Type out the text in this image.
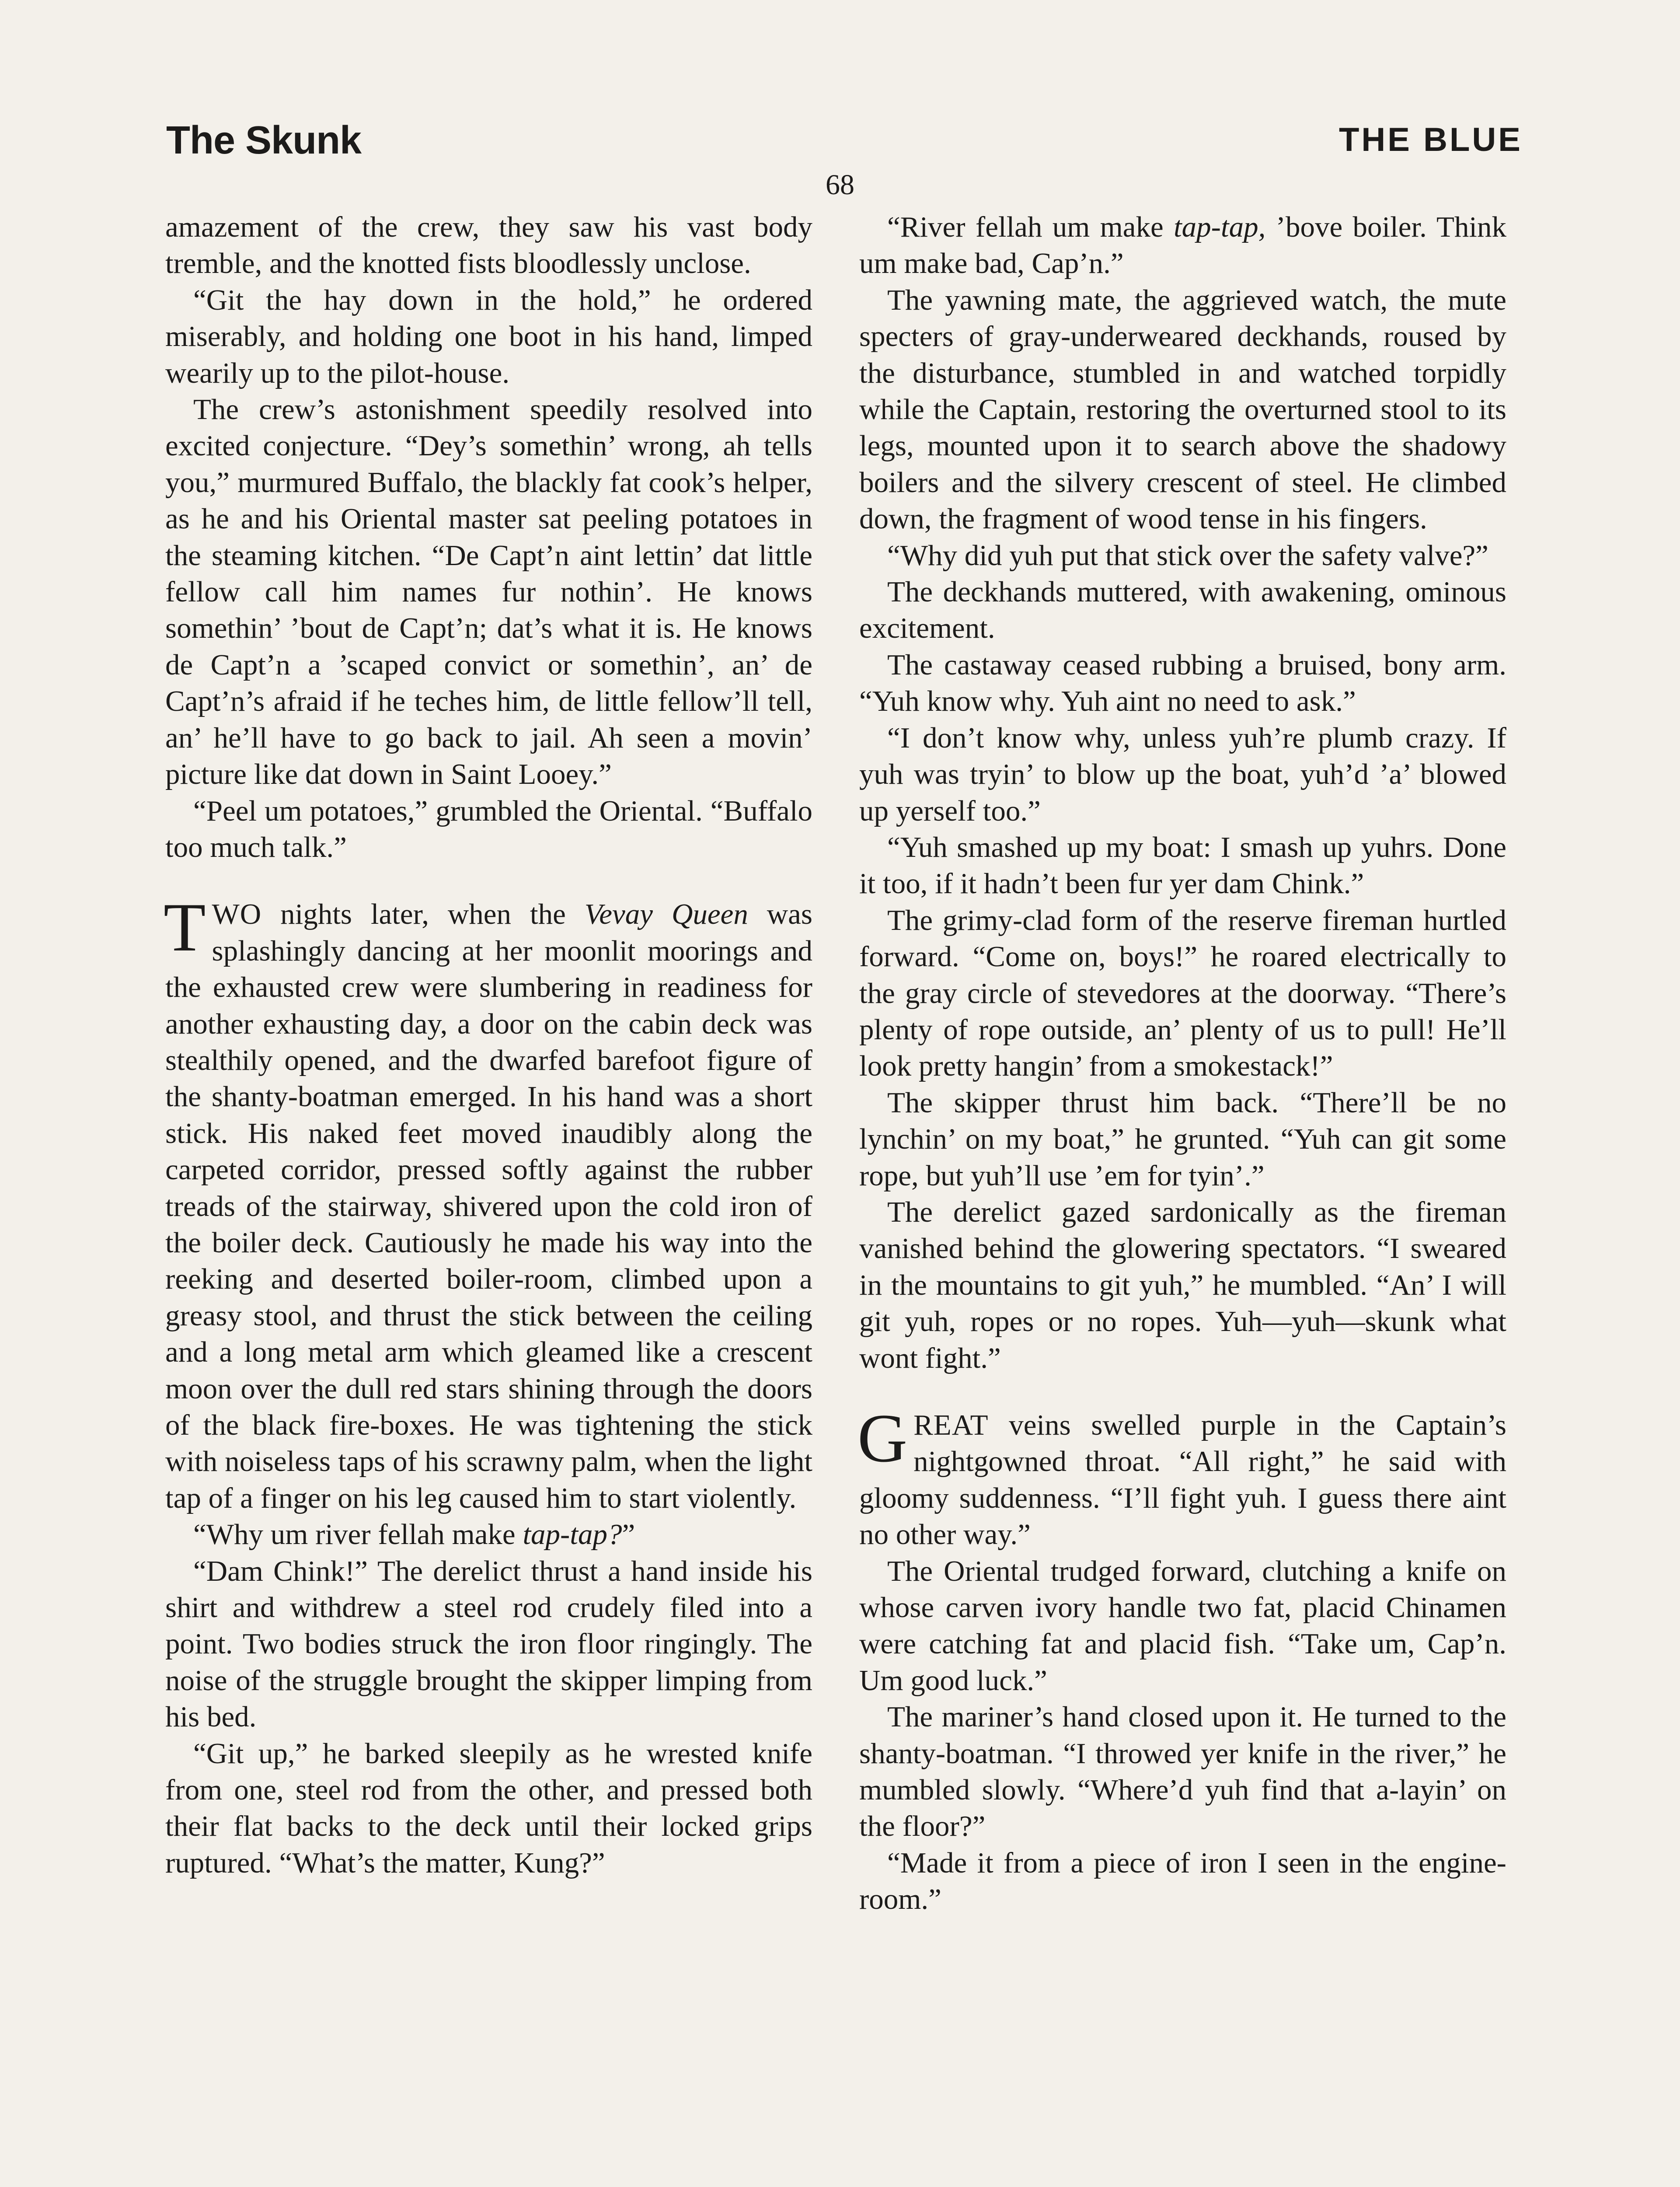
The Skunk	THE BLUE
68

amazement of the crew, they saw his vast body tremble, and the knotted fists bloodlessly unclose.

“Git the hay down in the hold,” he ordered miserably, and holding one boot in his hand, limped wearily up to the pilot-house.

The crew’s astonishment speedily resolved into excited conjecture. “Dey’s somethin’ wrong, ah tells you,” murmured Buffalo, the blackly fat cook’s helper, as he and his Oriental master sat peeling potatoes in the steaming kitchen. “De Capt’n aint lettin’ dat little fellow call him names fur nothin’. He knows somethin’ ’bout de Capt’n; dat’s what it is. He knows de Capt’n a ’scaped convict or somethin’, an’ de Capt’n’s afraid if he teches him, de little fellow’ll tell, an’ he’ll have to go back to jail. Ah seen a movin’ picture like dat down in Saint Looey.”

“Peel um potatoes,” grumbled the Oriental. “Buffalo too much talk.”

TWO nights later, when the Vevay Queen was splashingly dancing at her moonlit moorings and the exhausted crew were slumbering in readiness for another exhausting day, a door on the cabin deck was stealthily opened, and the dwarfed barefoot figure of the shanty-boatman emerged. In his hand was a short stick. His naked feet moved inaudibly along the carpeted corridor, pressed softly against the rubber treads of the stairway, shivered upon the cold iron of the boiler deck. Cautiously he made his way into the reeking and deserted boiler-room, climbed upon a greasy stool, and thrust the stick between the ceiling and a long metal arm which gleamed like a crescent moon over the dull red stars shining through the doors of the black fire-boxes. He was tightening the stick with noiseless taps of his scrawny palm, when the light tap of a finger on his leg caused him to start violently.

“Why um river fellah make tap-tap?”

“Dam Chink!” The derelict thrust a hand inside his shirt and withdrew a steel rod crudely filed into a point. Two bodies struck the iron floor ringingly. The noise of the struggle brought the skipper limping from his bed.

“Git up,” he barked sleepily as he wrested knife from one, steel rod from the other, and pressed both their flat backs to the deck until their locked grips ruptured. “What’s the matter, Kung?”

“River fellah um make tap-tap, ’bove boiler. Think um make bad, Cap’n.”

The yawning mate, the aggrieved watch, the mute specters of gray-underweared deckhands, roused by the disturbance, stumbled in and watched torpidly while the Captain, restoring the overturned stool to its legs, mounted upon it to search above the shadowy boilers and the silvery crescent of steel. He climbed down, the fragment of wood tense in his fingers.

“Why did yuh put that stick over the safety valve?”

The deckhands muttered, with awakening, ominous excitement.

The castaway ceased rubbing a bruised, bony arm. “Yuh know why. Yuh aint no need to ask.”

“I don’t know why, unless yuh’re plumb crazy. If yuh was tryin’ to blow up the boat, yuh’d ’a’ blowed up yerself too.”

“Yuh smashed up my boat: I smash up yuhrs. Done it too, if it hadn’t been fur yer dam Chink.”

The grimy-clad form of the reserve fireman hurtled forward. “Come on, boys!” he roared electrically to the gray circle of stevedores at the doorway. “There’s plenty of rope outside, an’ plenty of us to pull! He’ll look pretty hangin’ from a smokestack!”

The skipper thrust him back. “There’ll be no lynchin’ on my boat,” he grunted. “Yuh can git some rope, but yuh’ll use ’em for tyin’.”

The derelict gazed sardonically as the fireman vanished behind the glowering spectators. “I sweared in the mountains to git yuh,” he mumbled. “An’ I will git yuh, ropes or no ropes. Yuh—yuh—skunk what wont fight.”

GREAT veins swelled purple in the Captain’s nightgowned throat. “All right,” he said with gloomy suddenness. “I’ll fight yuh. I guess there aint no other way.”

The Oriental trudged forward, clutching a knife on whose carven ivory handle two fat, placid Chinamen were catching fat and placid fish. “Take um, Cap’n. Um good luck.”

The mariner’s hand closed upon it. He turned to the shanty-boatman. “I throwed yer knife in the river,” he mumbled slowly. “Where’d yuh find that a-layin’ on the floor?”

“Made it from a piece of iron I seen in the engine-room.”
